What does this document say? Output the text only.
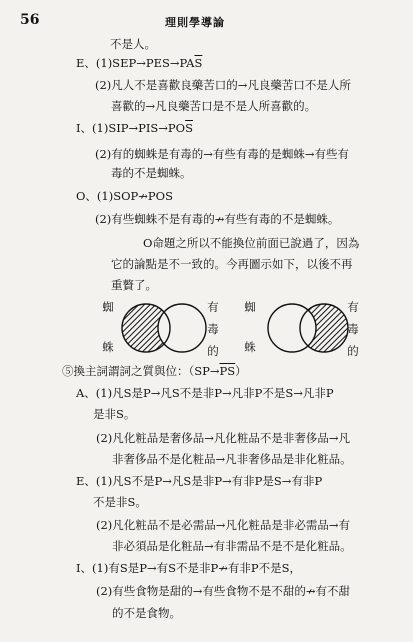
56	理則學導論
不是人。
E、$(1)SEP\to PES\to PA\overline{S}$
(2)凡人不是喜歡良藥苦口的→凡良藥苦口不是人所
喜歡的→凡良藥苦口是不是人所喜歡的。
I、$(1)SIP\to PIS\to PO\overline{S}$
(2)有的蜘蛛是有毒的→有些有毒的是蜘蛛→有些有
毒的不是蜘蛛。
O、(1)SOP↛POS
(2)有些蜘蛛不是有毒的↛有些有毒的不是蜘蛛。
O命題之所以不能換位前面已說過了，因為
它的論點是不一致的。今再圖示如下，以後不再
重贅了。
蜘
蛛
有
毒
的
蜘
蛛
有
毒
的
⑤換主詞謂詞之質與位：$(SP\to\overline{P}\overline{S})$
A、(1)凡S是P→凡S不是非P→凡非P不是S→凡非P
是非S。
(2)凡化粧品是奢侈品→凡化粧品不是非奢侈品→凡
非奢侈品不是化粧品→凡非奢侈品是非化粧品。
E、(1)凡S不是P→凡S是非P→有非P是S→有非P
不是非S。
(2)凡化粧品不是必需品→凡化粧品是非必需品→有
非必須品是化粧品→有非需品不是不是化粧品。
I、(1)有S是P→有S不是非P↛有非P不是S，
(2)有些食物是甜的→有些食物不是不甜的↛有不甜
的不是食物。
